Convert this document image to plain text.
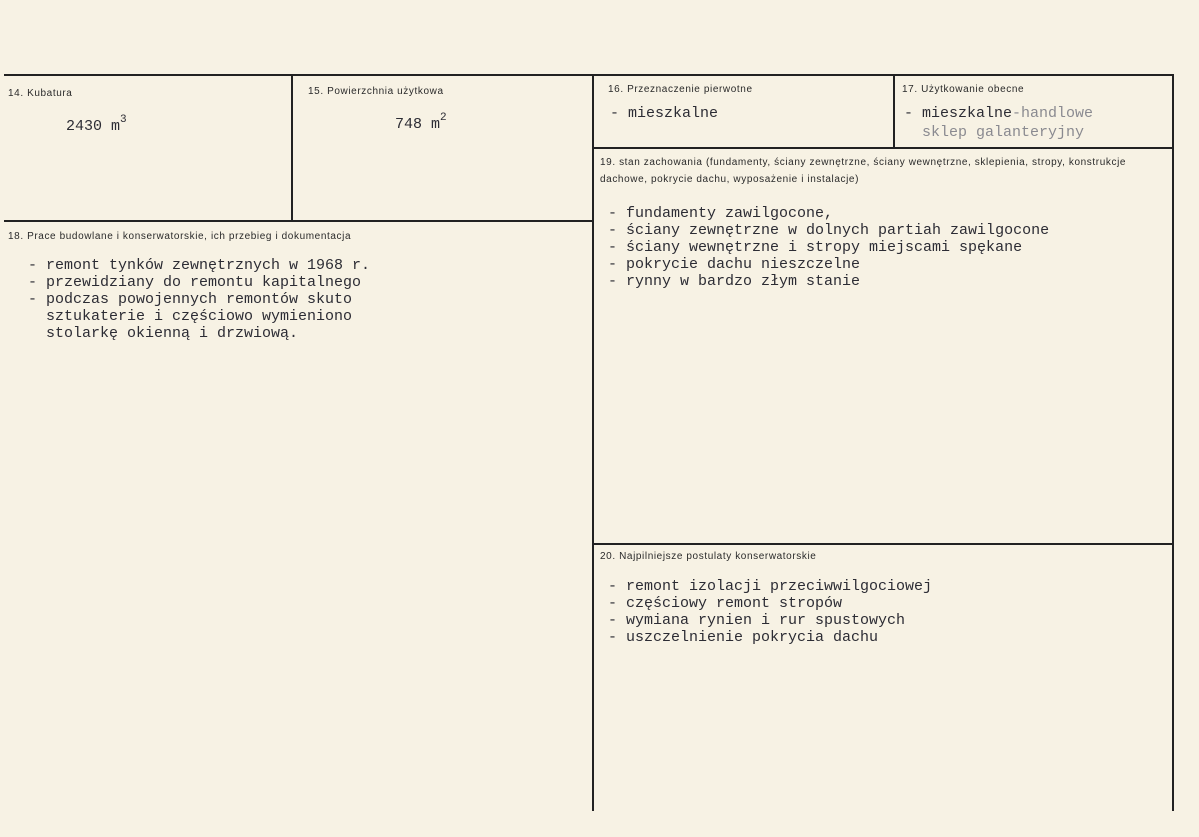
14. Kubatura
2430 $m^3$
15. Powierzchnia użytkowa
748 $m^2$
16. Przeznaczenie pierwotne
- mieszkalne
17. Użytkowanie obecne
- mieszkalne-handlowe
sklep galanteryjny
18. Prace budowlane i konserwatorskie, ich przebieg i dokumentacja
- remont tynków zewnętrznych w 1968 r.
- przewidziany do remontu kapitalnego
- podczas powojennych remontów skuto
sztukaterie i częściowo wymieniono
stolarkę okienną i drzwiową.
19. stan zachowania (fundamenty, ściany zewnętrzne, ściany wewnętrzne, sklepienia, stropy, konstrukcje dachowe, pokrycie dachu, wyposażenie i instalacje)
- fundamenty zawilgocone,
- ściany zewnętrzne w dolnych partiah zawilgocone
- ściany wewnętrzne i stropy miejscami spękane
- pokrycie dachu nieszczelne
- rynny w bardzo złym stanie
20. Najpilniejsze postulaty konserwatorskie
- remont izolacji przeciwwilgociowej
- częściowy remont stropów
- wymiana rynien i rur spustowych
- uszczelnienie pokrycia dachu
